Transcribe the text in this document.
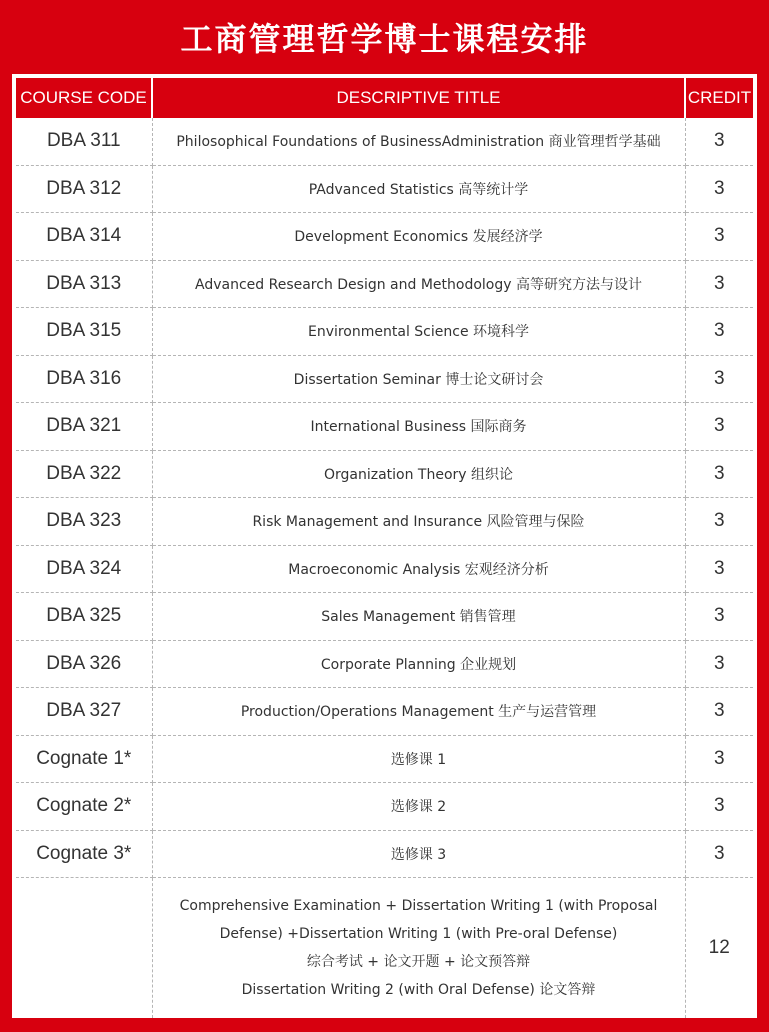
工商管理哲学博士课程安排
COURSE CODE	DESCRIPTIVE TITLE	CREDIT
DBA 311	Philosophical Foundations of BusinessAdministration 商业管理哲学基础	3
DBA 312	PAdvanced Statistics 高等统计学	3
DBA 314	Development Economics 发展经济学	3
DBA 313	Advanced Research Design and Methodology 高等研究方法与设计	3
DBA 315	Environmental Science 环境科学	3
DBA 316	Dissertation Seminar 博士论文研讨会	3
DBA 321	International Business 国际商务	3
DBA 322	Organization Theory 组织论	3
DBA 323	Risk Management and Insurance 风险管理与保险	3
DBA 324	Macroeconomic Analysis 宏观经济分析	3
DBA 325	Sales Management 销售管理	3
DBA 326	Corporate Planning 企业规划	3
DBA 327	Production/Operations Management 生产与运营管理	3
Cognate 1*	选修课 1	3
Cognate 2*	选修课 2	3
Cognate 3*	选修课 3	3

	Comprehensive Examination + Dissertation Writing 1 (with Proposal
Defense) +Dissertation Writing 1 (with Pre-oral Defense)
综合考试 + 论文开题 + 论文预答辩
Dissertation Writing 2 (with Oral Defense) 论文答辩	12
